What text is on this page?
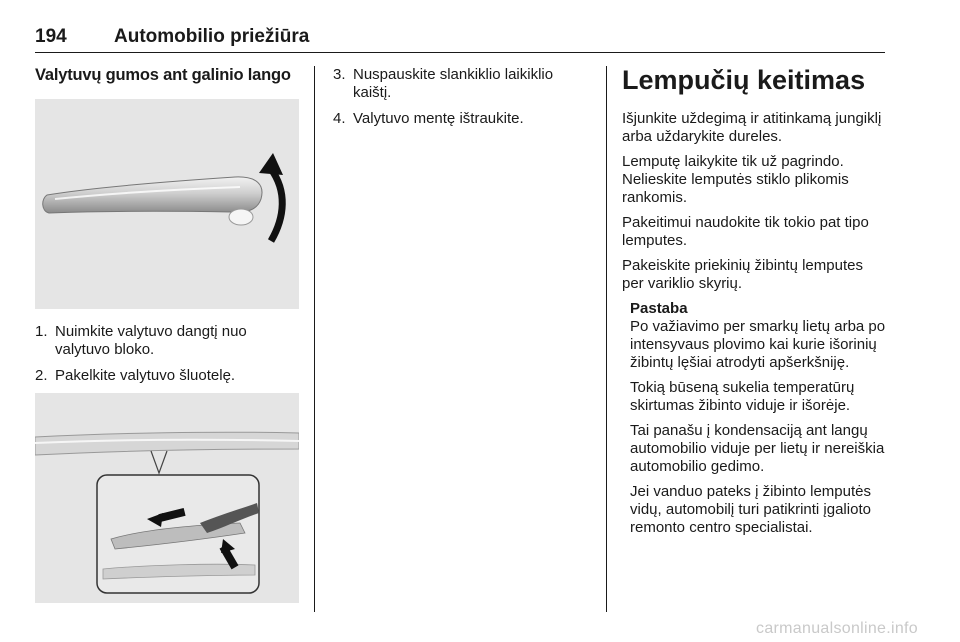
194 Automobilio priežiūra
Valytuvų gumos ant galinio lango
1. Nuimkite valytuvo dangtį nuo valytuvo bloko.
2. Pakelkite valytuvo šluotelę.
3. Nuspauskite slankiklio laikiklio kaištį.
4. Valytuvo mentę ištraukite.
Lempučių keitimas

Išjunkite uždegimą ir atitinkamą jungiklį arba uždarykite dureles.

Lemputę laikykite tik už pagrindo. Nelieskite lemputės stiklo plikomis rankomis.

Pakeitimui naudokite tik tokio pat tipo lemputes.

Pakeiskite priekinių žibintų lemputes per variklio skyrių.

Pastaba

Po važiavimo per smarkų lietų arba po intensyvaus plovimo kai kurie išorinių žibintų lęšiai atrodyti apšerkšniję.

Tokią būseną sukelia temperatūrų skirtumas žibinto viduje ir išorėje.

Tai panašu į kondensaciją ant langų automobilio viduje per lietų ir nereiškia automobilio gedimo.

Jei vanduo pateks į žibinto lemputės vidų, automobilį turi patikrinti įgalioto remonto centro specialistai.

carmanualsonline.info
